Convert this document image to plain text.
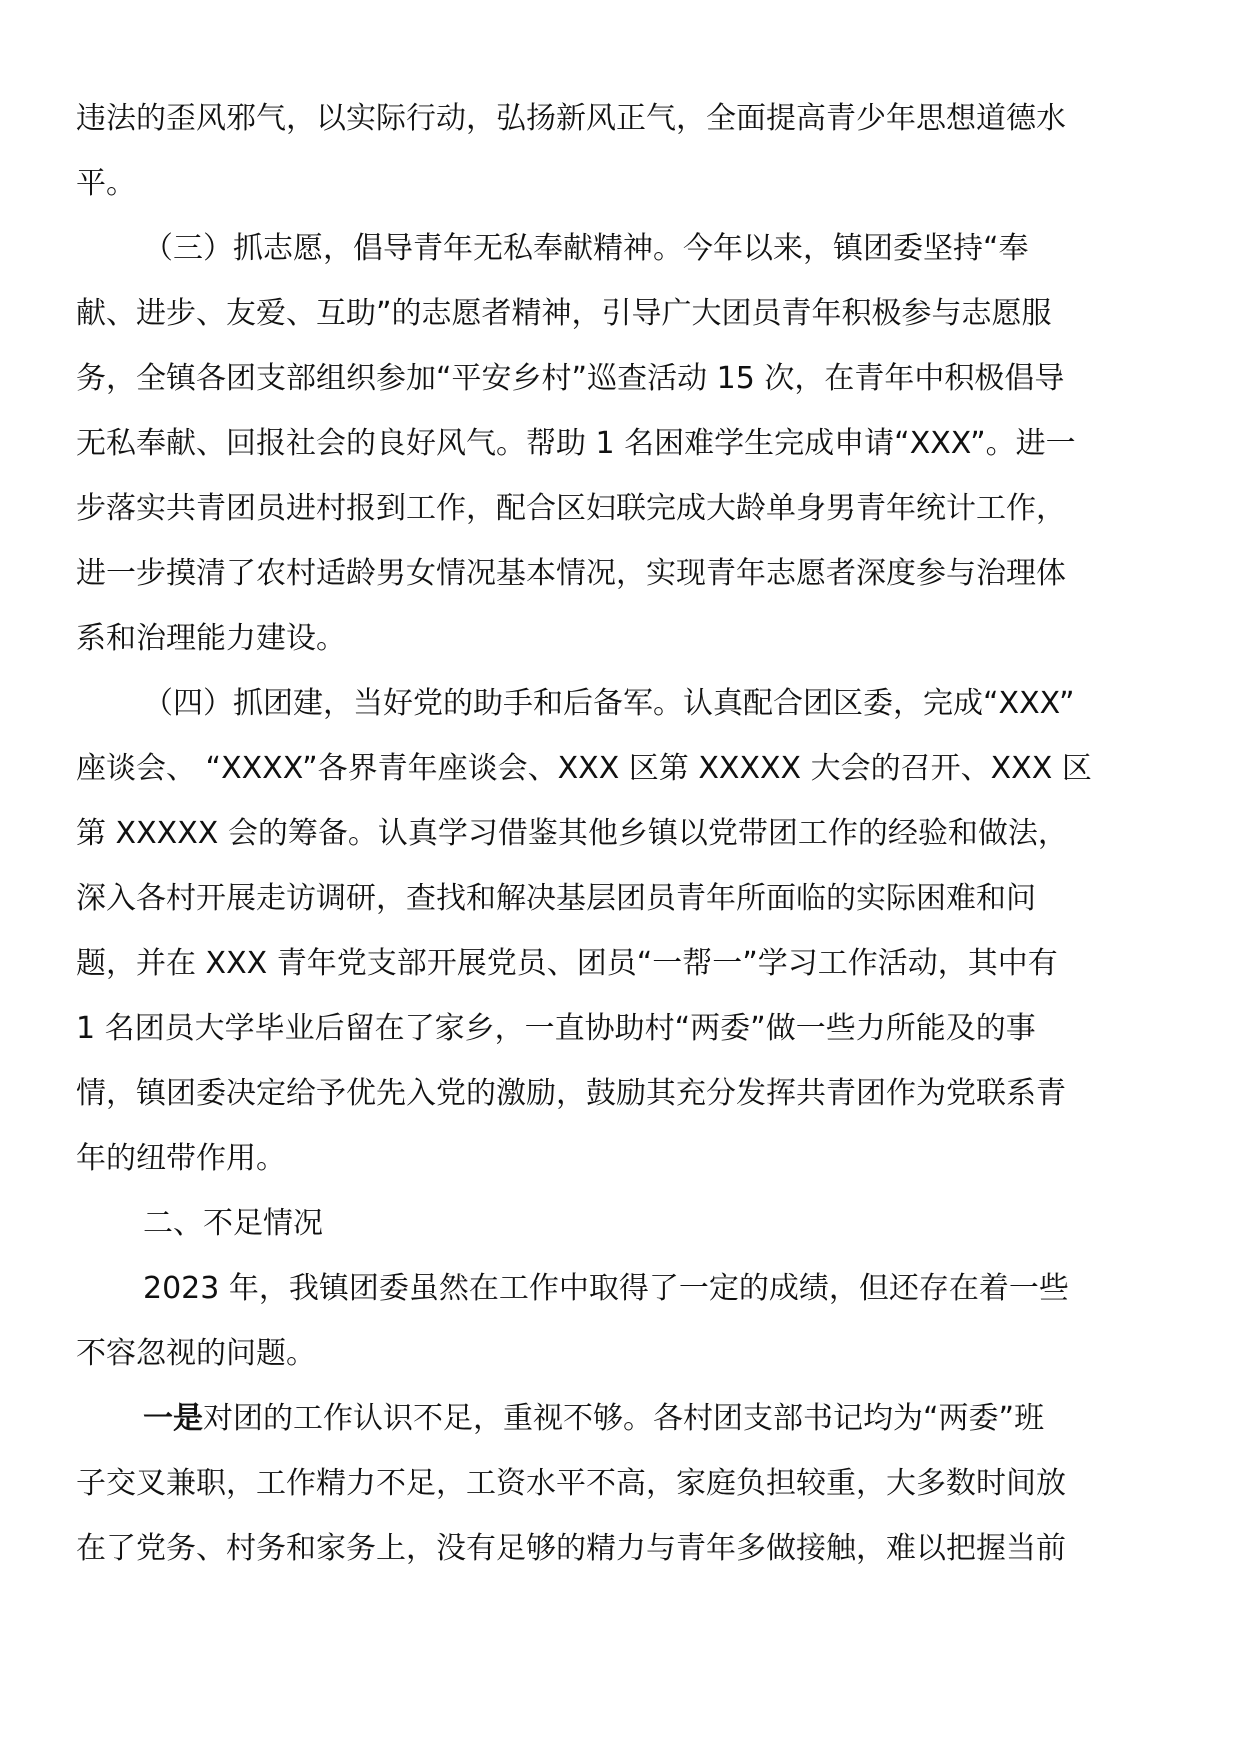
违法的歪风邪气，以实际行动，弘扬新风正气，全面提高青少年思想道德水
平。
（三）抓志愿，倡导青年无私奉献精神。今年以来，镇团委坚持“奉
献、进步、友爱、互助”的志愿者精神，引导广大团员青年积极参与志愿服
务，全镇各团支部组织参加“平安乡村”巡查活动 15 次，在青年中积极倡导
无私奉献、回报社会的良好风气。帮助 1 名困难学生完成申请“XXX”。进一
步落实共青团员进村报到工作，配合区妇联完成大龄单身男青年统计工作，
进一步摸清了农村适龄男女情况基本情况，实现青年志愿者深度参与治理体
系和治理能力建设。
（四）抓团建，当好党的助手和后备军。认真配合团区委，完成“XXX”
座谈会、 “XXXX”各界青年座谈会、XXX 区第 XXXXX 大会的召开、XXX 区
第 XXXXX 会的筹备。认真学习借鉴其他乡镇以党带团工作的经验和做法，
深入各村开展走访调研，查找和解决基层团员青年所面临的实际困难和问
题，并在 XXX 青年党支部开展党员、团员“一帮一”学习工作活动，其中有
1 名团员大学毕业后留在了家乡，一直协助村“两委”做一些力所能及的事
情，镇团委决定给予优先入党的激励，鼓励其充分发挥共青团作为党联系青
年的纽带作用。
二、不足情况
2023 年，我镇团委虽然在工作中取得了一定的成绩，但还存在着一些
不容忽视的问题。
一是对团的工作认识不足，重视不够。各村团支部书记均为“两委”班
子交叉兼职，工作精力不足，工资水平不高，家庭负担较重，大多数时间放
在了党务、村务和家务上，没有足够的精力与青年多做接触，难以把握当前
